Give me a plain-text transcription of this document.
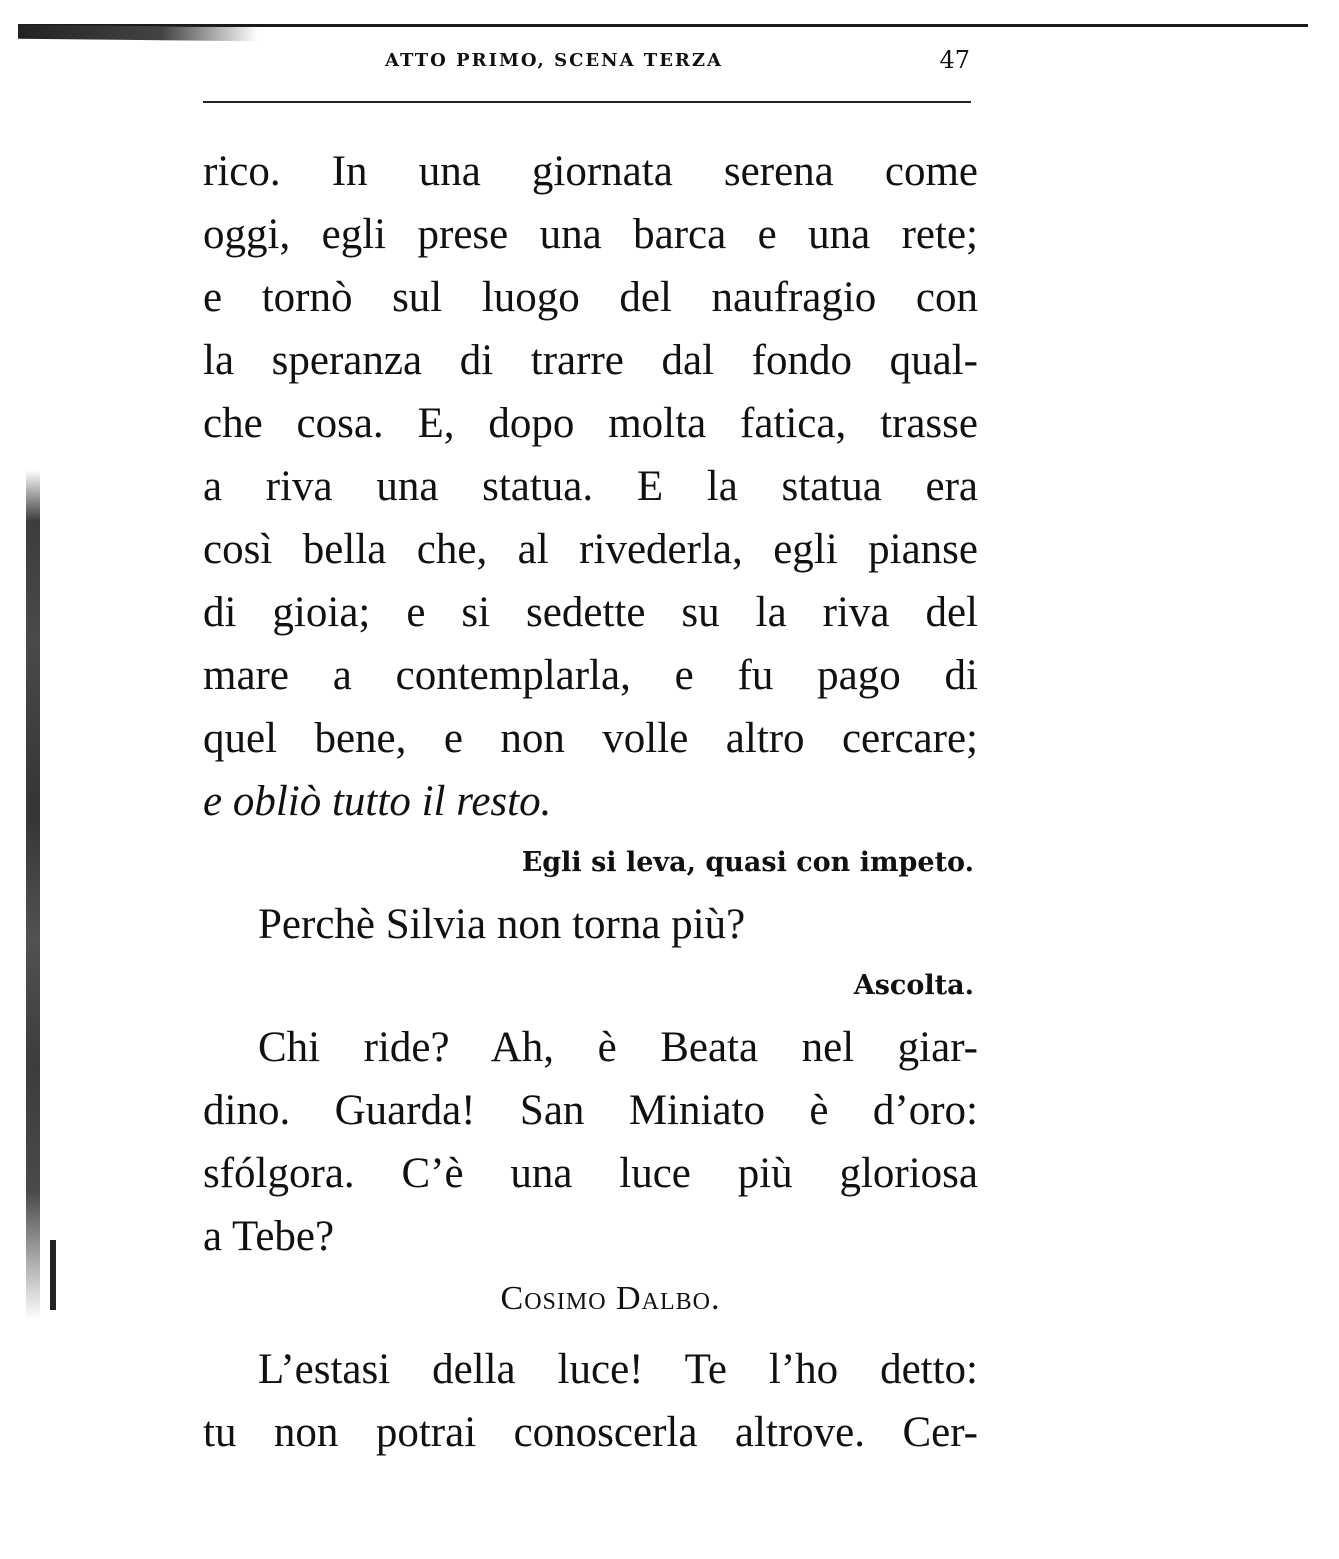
ATTO PRIMO, SCENA TERZA	47
rico. In una giornata serena come
oggi, egli prese una barca e una rete;
e tornò sul luogo del naufragio con
la speranza di trarre dal fondo qual-
che cosa. E, dopo molta fatica, trasse
a riva una statua. E la statua era
così bella che, al rivederla, egli pianse
di gioia; e si sedette su la riva del
mare a contemplarla, e fu pago di
quel bene, e non volle altro cercare;
e obliò tutto il resto.
Egli si leva, quasi con impeto.
Perchè Silvia non torna più?
Ascolta.
Chi ride? Ah, è Beata nel giar-
dino. Guarda! San Miniato è d’oro:
sfólgora. C’è una luce più gloriosa
a Tebe?
Cosimo Dalbo.
L’estasi della luce! Te l’ho detto:
tu non potrai conoscerla altrove. Cer-
